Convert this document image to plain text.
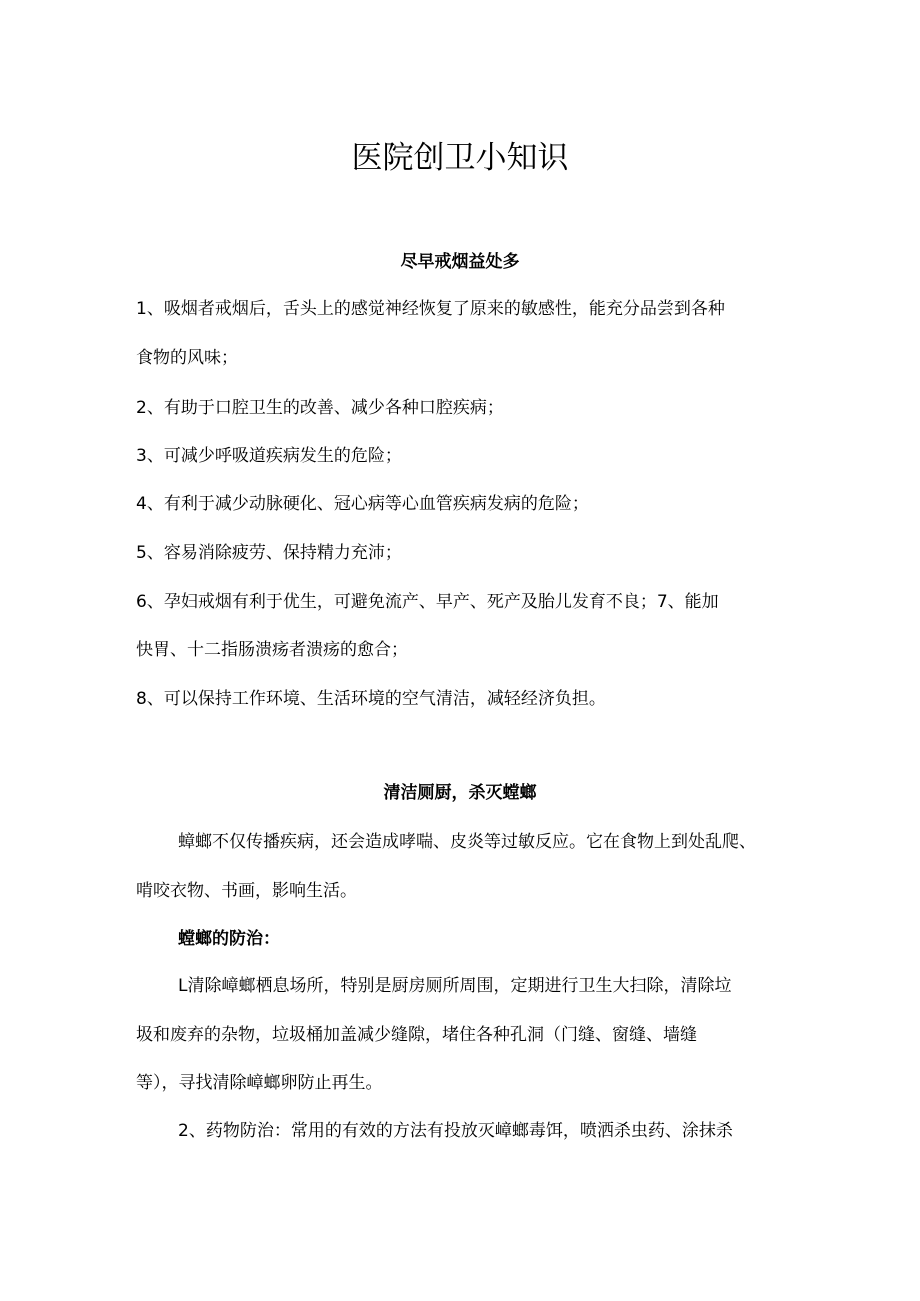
医院创卫小知识
尽早戒烟益处多

1、吸烟者戒烟后，舌头上的感觉神经恢复了原来的敏感性，能充分品尝到各种

食物的风味；

2、有助于口腔卫生的改善、减少各种口腔疾病；

3、可减少呼吸道疾病发生的危险；

4、有利于减少动脉硬化、冠心病等心血管疾病发病的危险；

5、容易消除疲劳、保持精力充沛；

6、孕妇戒烟有利于优生，可避免流产、早产、死产及胎儿发育不良；7、能加

快胃、十二指肠溃疡者溃疡的愈合；

8、可以保持工作环境、生活环境的空气清洁，减轻经济负担。

清洁厕厨，杀灭螳螂

蟑螂不仅传播疾病，还会造成哮喘、皮炎等过敏反应。它在食物上到处乱爬、

啃咬衣物、书画，影响生活。

螳螂的防治：

L清除嶂螂栖息场所，特别是厨房厕所周围，定期进行卫生大扫除，清除垃

圾和废弃的杂物，垃圾桶加盖减少缝隙，堵住各种孔洞（门缝、窗缝、墙缝

等），寻找清除嶂螂卵防止再生。

2、药物防治：常用的有效的方法有投放灭嶂螂毒饵，喷洒杀虫药、涂抹杀
